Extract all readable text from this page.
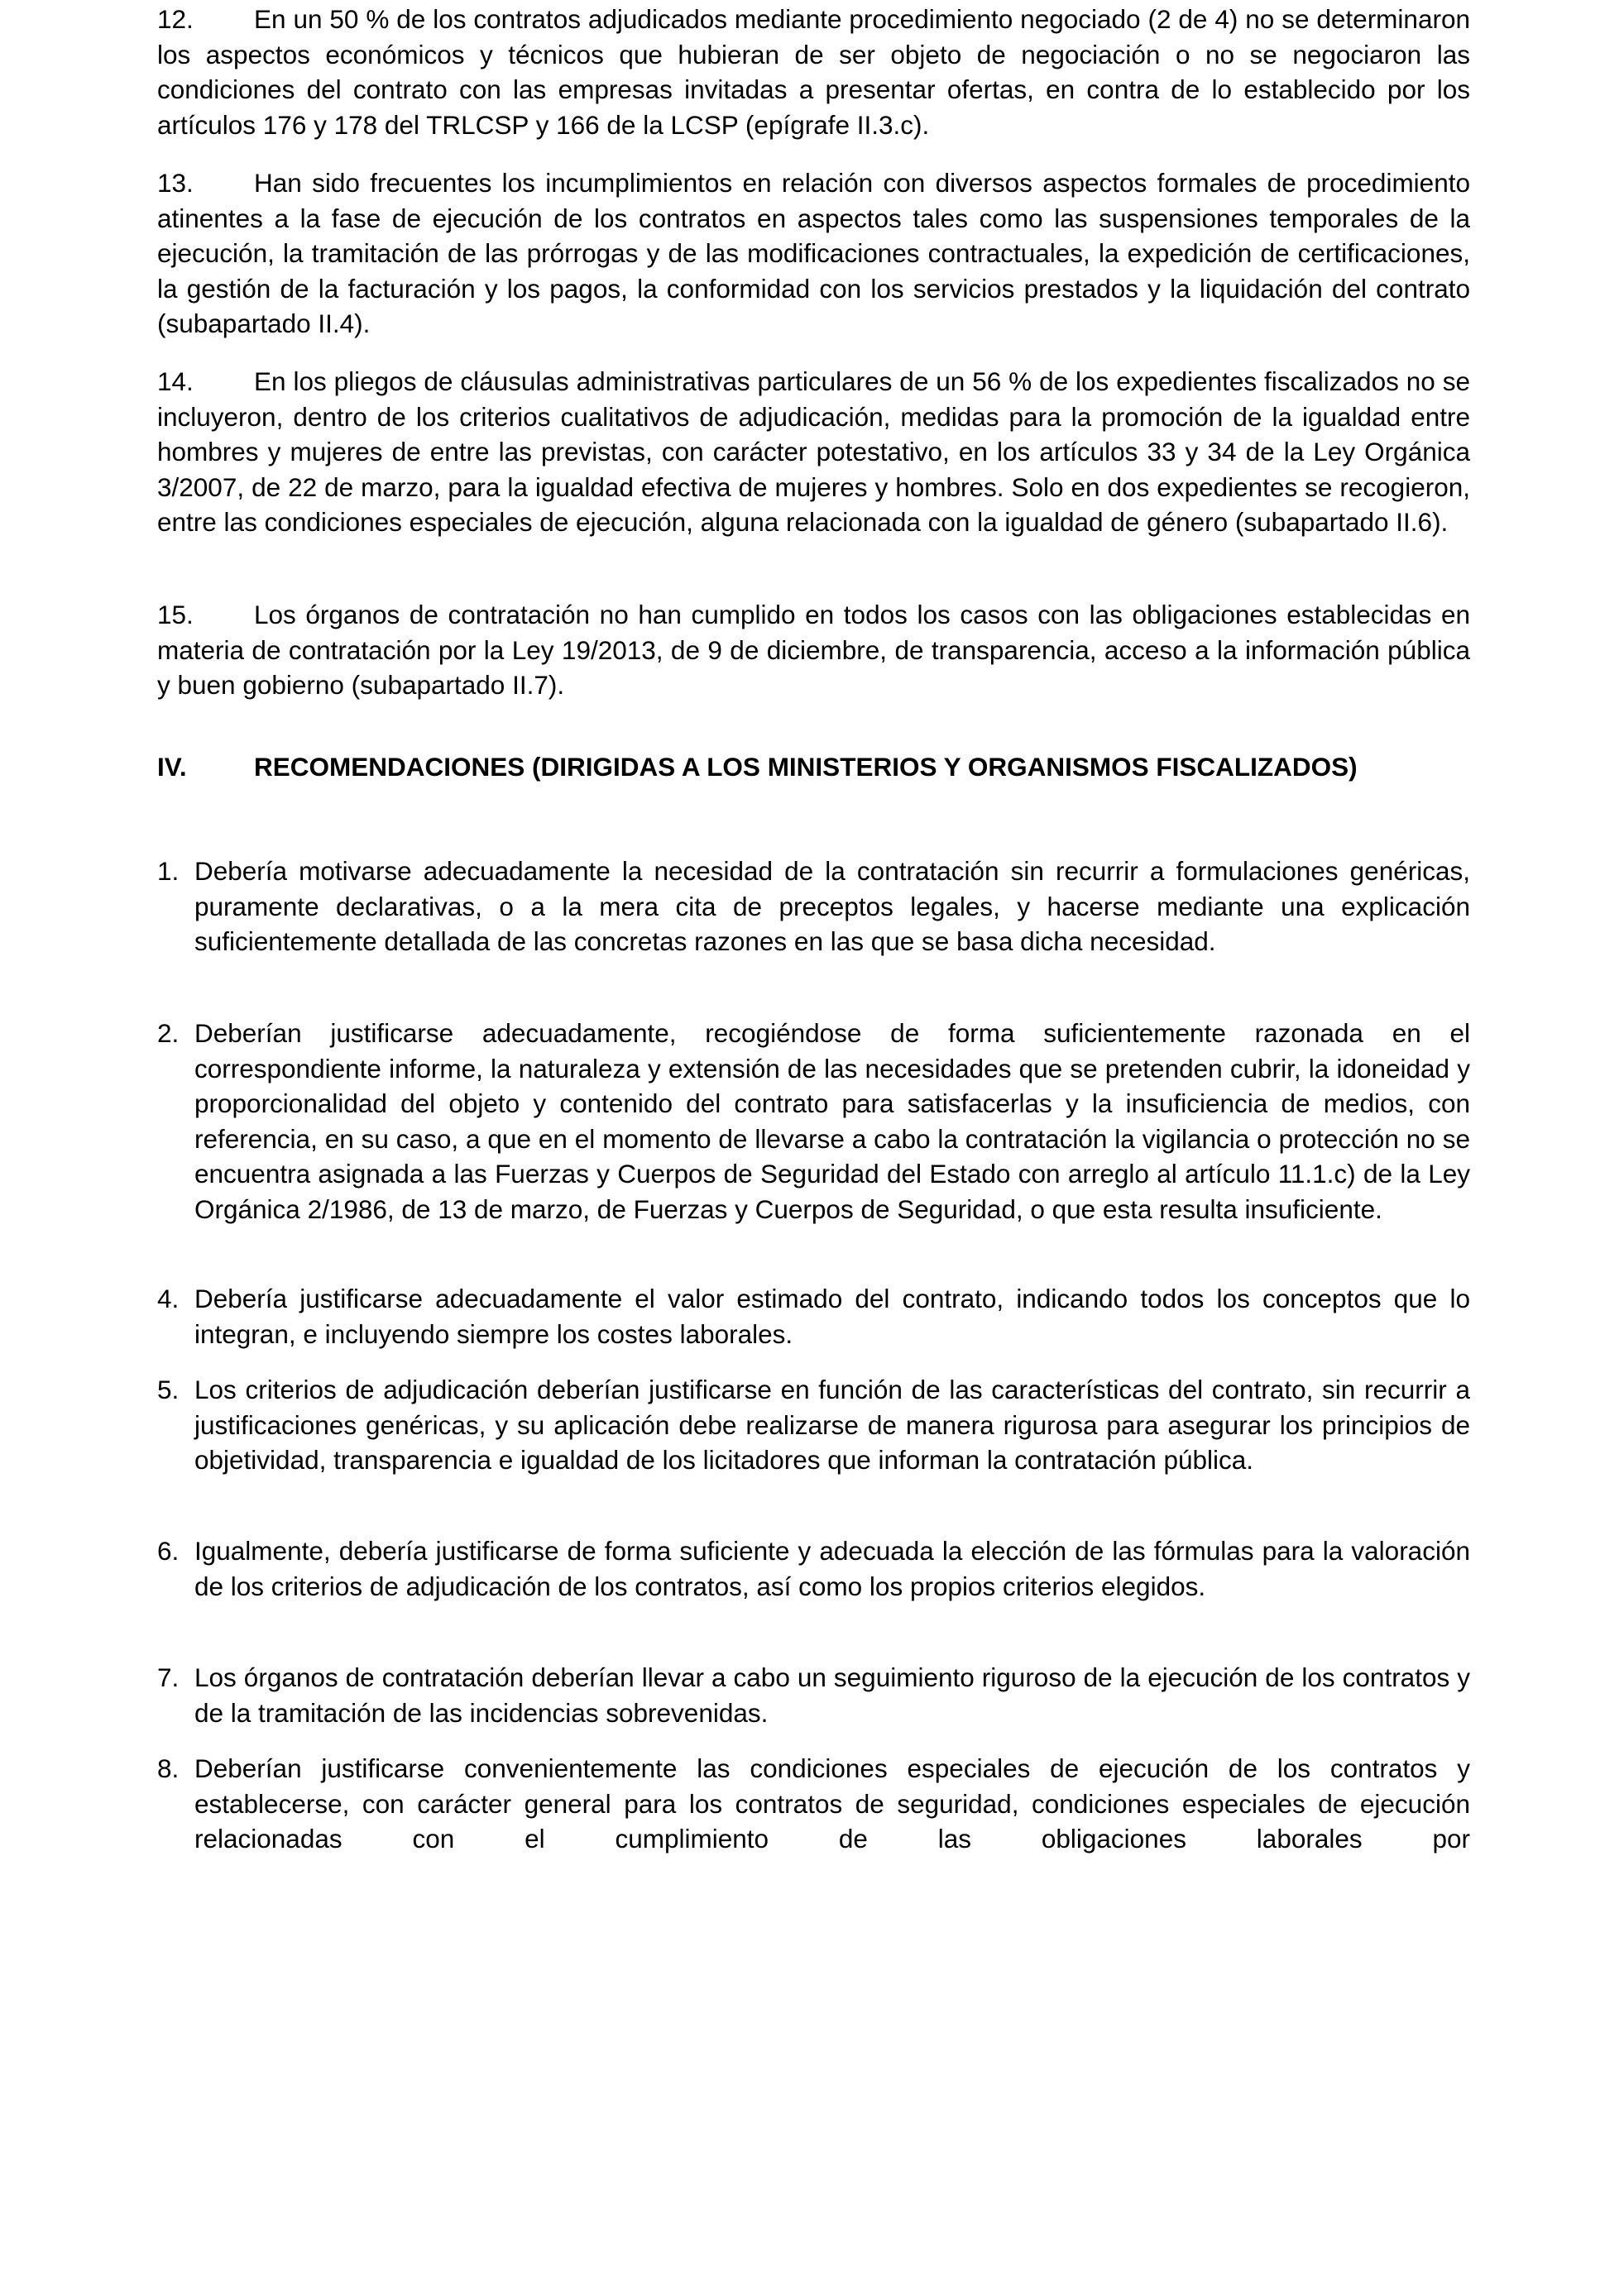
12. En un 50 % de los contratos adjudicados mediante procedimiento negociado (2 de 4) no se determinaron los aspectos económicos y técnicos que hubieran de ser objeto de negociación o no se negociaron las condiciones del contrato con las empresas invitadas a presentar ofertas, en contra de lo establecido por los artículos 176 y 178 del TRLCSP y 166 de la LCSP (epígrafe II.3.c).

13. Han sido frecuentes los incumplimientos en relación con diversos aspectos formales de procedimiento atinentes a la fase de ejecución de los contratos en aspectos tales como las suspensiones temporales de la ejecución, la tramitación de las prórrogas y de las modificaciones contractuales, la expedición de certificaciones, la gestión de la facturación y los pagos, la conformidad con los servicios prestados y la liquidación del contrato (subapartado II.4).

14. En los pliegos de cláusulas administrativas particulares de un 56 % de los expedientes fiscalizados no se incluyeron, dentro de los criterios cualitativos de adjudicación, medidas para la promoción de la igualdad entre hombres y mujeres de entre las previstas, con carácter potestativo, en los artículos 33 y 34 de la Ley Orgánica 3/2007, de 22 de marzo, para la igualdad efectiva de mujeres y hombres. Solo en dos expedientes se recogieron, entre las condiciones especiales de ejecución, alguna relacionada con la igualdad de género (subapartado II.6).

15. Los órganos de contratación no han cumplido en todos los casos con las obligaciones establecidas en materia de contratación por la Ley 19/2013, de 9 de diciembre, de transparencia, acceso a la información pública y buen gobierno (subapartado II.7).

IV.	RECOMENDACIONES (DIRIGIDAS A LOS MINISTERIOS Y ORGANISMOS FISCALIZADOS)

1. Debería motivarse adecuadamente la necesidad de la contratación sin recurrir a formulaciones genéricas, puramente declarativas, o a la mera cita de preceptos legales, y hacerse mediante una explicación suficientemente detallada de las concretas razones en las que se basa dicha necesidad.

2. Deberían justificarse adecuadamente, recogiéndose de forma suficientemente razonada en el correspondiente informe, la naturaleza y extensión de las necesidades que se pretenden cubrir, la idoneidad y proporcionalidad del objeto y contenido del contrato para satisfacerlas y la insuficiencia de medios, con referencia, en su caso, a que en el momento de llevarse a cabo la contratación la vigilancia o protección no se encuentra asignada a las Fuerzas y Cuerpos de Seguridad del Estado con arreglo al artículo 11.1.c) de la Ley Orgánica 2/1986, de 13 de marzo, de Fuerzas y Cuerpos de Seguridad, o que esta resulta insuficiente.

4. Debería justificarse adecuadamente el valor estimado del contrato, indicando todos los conceptos que lo integran, e incluyendo siempre los costes laborales.

5. Los criterios de adjudicación deberían justificarse en función de las características del contrato, sin recurrir a justificaciones genéricas, y su aplicación debe realizarse de manera rigurosa para asegurar los principios de objetividad, transparencia e igualdad de los licitadores que informan la contratación pública.

6. Igualmente, debería justificarse de forma suficiente y adecuada la elección de las fórmulas para la valoración de los criterios de adjudicación de los contratos, así como los propios criterios elegidos.

7. Los órganos de contratación deberían llevar a cabo un seguimiento riguroso de la ejecución de los contratos y de la tramitación de las incidencias sobrevenidas.

8. Deberían justificarse convenientemente las condiciones especiales de ejecución de los contratos y establecerse, con carácter general para los contratos de seguridad, condiciones especiales de ejecución relacionadas con el cumplimiento de las obligaciones laborales por
